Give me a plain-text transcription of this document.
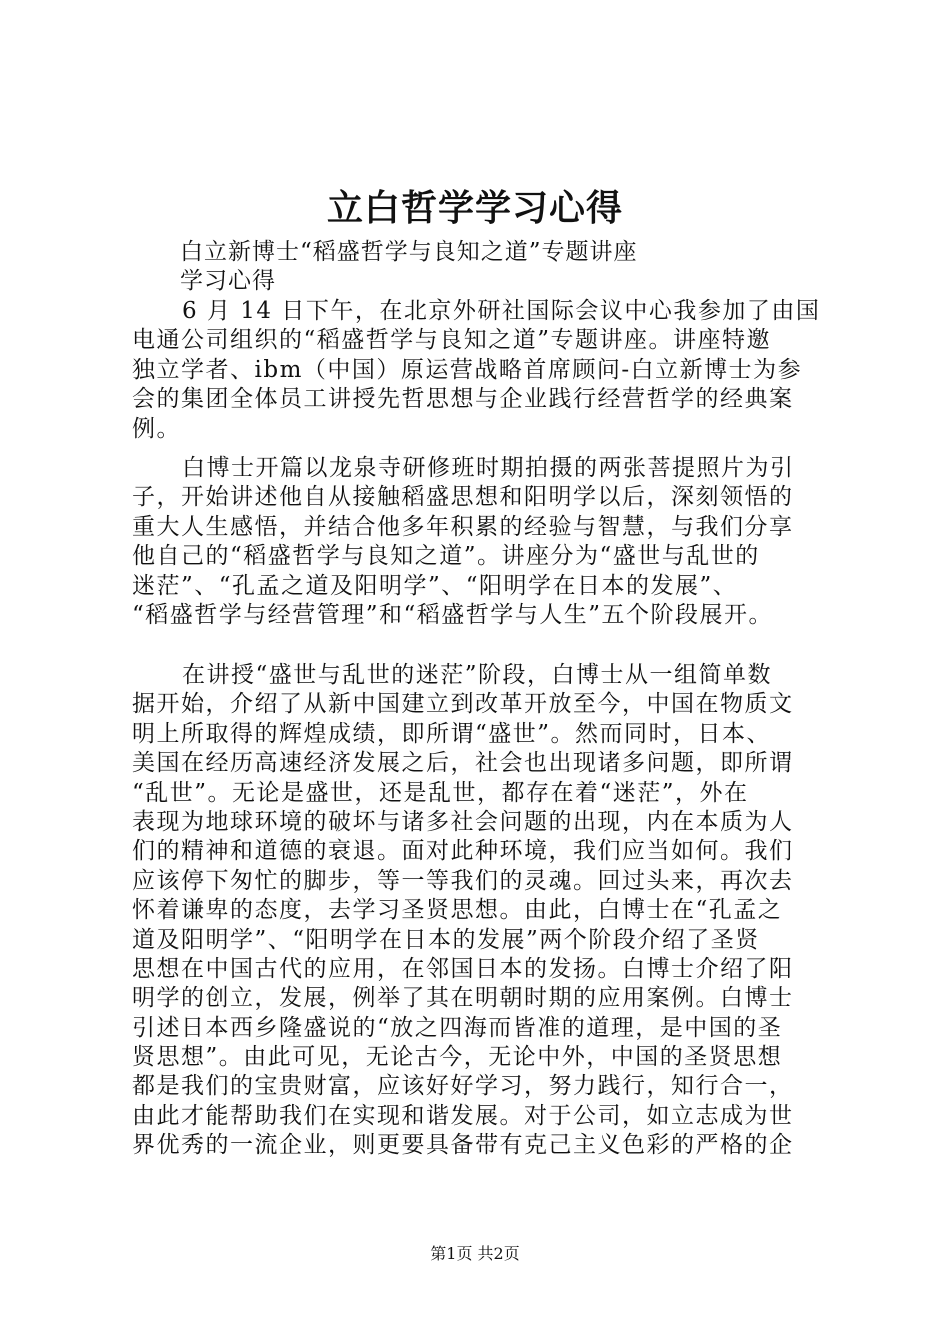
立白哲学学习心得
白立新博士“稻盛哲学与良知之道”专题讲座
学习心得
6 月 14 日下午，在北京外研社国际会议中心我参加了由国
电通公司组织的“稻盛哲学与良知之道”专题讲座。讲座特邀
独立学者、ibm（中国）原运营战略首席顾问-白立新博士为参
会的集团全体员工讲授先哲思想与企业践行经营哲学的经典案
例。
白博士开篇以龙泉寺研修班时期拍摄的两张菩提照片为引
子，开始讲述他自从接触稻盛思想和阳明学以后，深刻领悟的
重大人生感悟，并结合他多年积累的经验与智慧，与我们分享
他自己的“稻盛哲学与良知之道”。讲座分为“盛世与乱世的
迷茫”、“孔孟之道及阳明学”、“阳明学在日本的发展”、
“稻盛哲学与经营管理”和“稻盛哲学与人生”五个阶段展开。
在讲授“盛世与乱世的迷茫”阶段，白博士从一组简单数
据开始，介绍了从新中国建立到改革开放至今，中国在物质文
明上所取得的辉煌成绩，即所谓“盛世”。然而同时，日本、
美国在经历高速经济发展之后，社会也出现诸多问题，即所谓
“乱世”。无论是盛世，还是乱世，都存在着“迷茫”，外在
表现为地球环境的破坏与诸多社会问题的出现，内在本质为人
们的精神和道德的衰退。面对此种环境，我们应当如何。我们
应该停下匆忙的脚步，等一等我们的灵魂。回过头来，再次去
怀着谦卑的态度，去学习圣贤思想。由此，白博士在“孔孟之
道及阳明学”、“阳明学在日本的发展”两个阶段介绍了圣贤
思想在中国古代的应用，在邻国日本的发扬。白博士介绍了阳
明学的创立，发展，例举了其在明朝时期的应用案例。白博士
引述日本西乡隆盛说的“放之四海而皆准的道理，是中国的圣
贤思想”。由此可见，无论古今，无论中外，中国的圣贤思想
都是我们的宝贵财富，应该好好学习，努力践行，知行合一，
由此才能帮助我们在实现和谐发展。对于公司，如立志成为世
界优秀的一流企业，则更要具备带有克己主义色彩的严格的企
第1页 共2页
